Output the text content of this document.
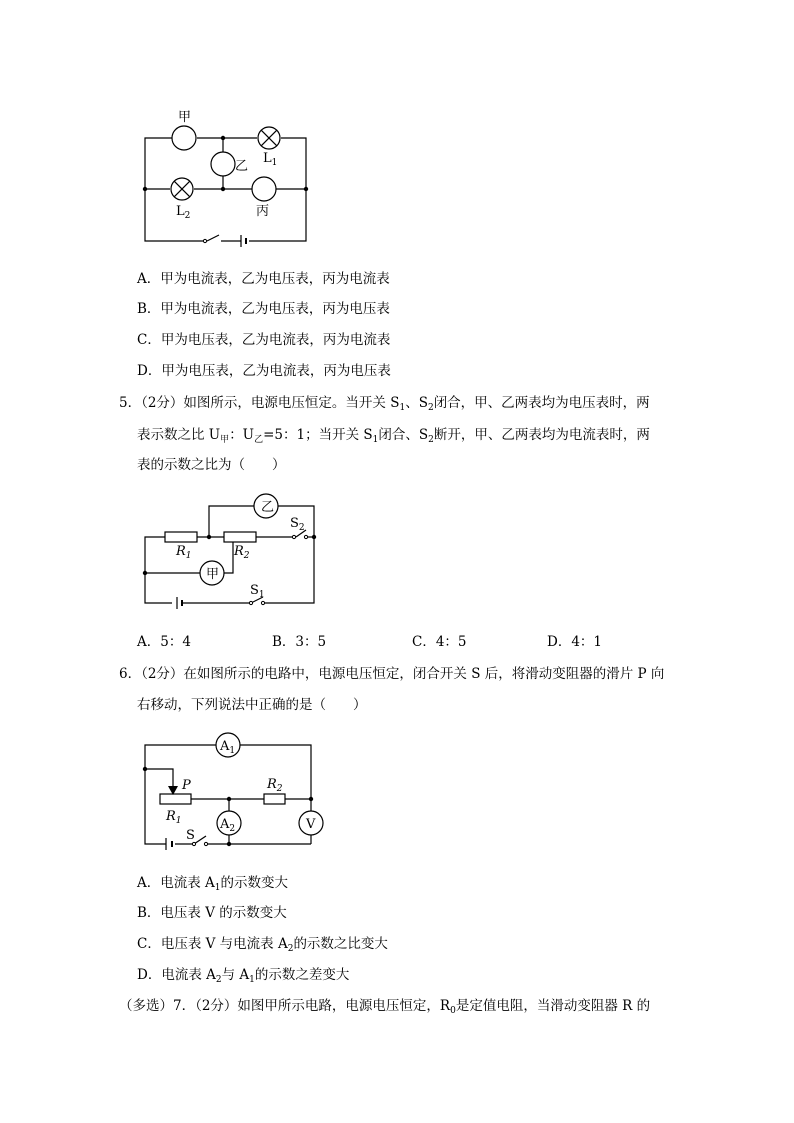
甲
乙
丙
$L_1$
$L_2$
乙
甲
$R_1$	$R_2$
$S_2$
$S_1$
$A_1$
$A_2$	V
P
$R_1$
$R_2$
S
A．甲为电流表，乙为电压表，丙为电流表
B．甲为电流表，乙为电压表，丙为电压表
C．甲为电压表，乙为电流表，丙为电流表
D．甲为电压表，乙为电流表，丙为电压表
5．（2分）如图所示，电源电压恒定。当开关 $S_1$、$S_2$闭合，甲、乙两表均为电压表时，两
表示数之比 $U_甲$：$U_乙=5$：1；当开关 $S_1$闭合、$S_2$断开，甲、乙两表均为电流表时，两
表的示数之比为（　　）
A．5：4	B．3：5	C．4：5	D．4：1
6．（2分）在如图所示的电路中，电源电压恒定，闭合开关 S 后，将滑动变阻器的滑片 P 向
右移动，下列说法中正确的是（　　）
A．电流表 $A_1$的示数变大
B．电压表 V 的示数变大
C．电压表 V 与电流表 $A_2$的示数之比变大
D．电流表 $A_2$与 $A_1$的示数之差变大
（多选）7．（2分）如图甲所示电路，电源电压恒定，$R_0$是定值电阻，当滑动变阻器 R 的
